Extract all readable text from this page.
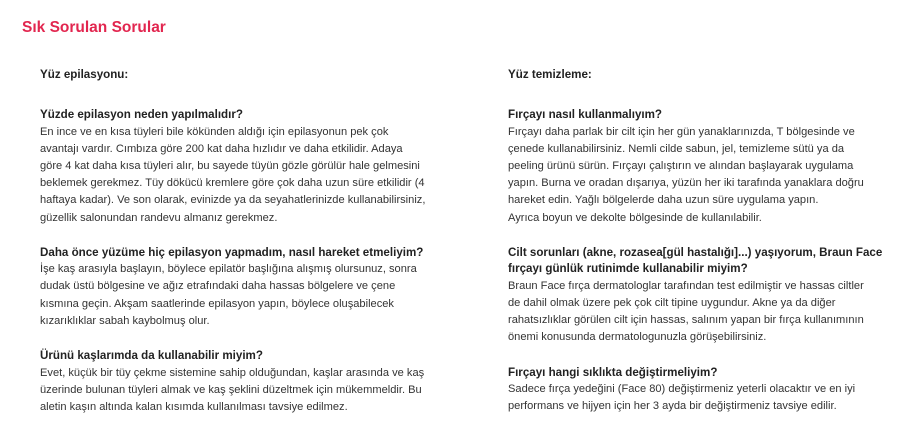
Sık Sorulan Sorular

Yüz epilasyonu:

Yüzde epilasyon neden yapılmalıdır?

En ince ve en kısa tüyleri bile kökünden aldığı için epilasyonun pek çok
avantajı vardır. Cımbıza göre 200 kat daha hızlıdır ve daha etkilidir. Adaya
göre 4 kat daha kısa tüyleri alır, bu sayede tüyün gözle görülür hale gelmesini
beklemek gerekmez. Tüy dökücü kremlere göre çok daha uzun süre etkilidir (4
haftaya kadar). Ve son olarak, evinizde ya da seyahatlerinizde kullanabilirsiniz,
güzellik salonundan randevu almanız gerekmez.

Daha önce yüzüme hiç epilasyon yapmadım, nasıl hareket etmeliyim?

İşe kaş arasıyla başlayın, böylece epilatör başlığına alışmış olursunuz, sonra
dudak üstü bölgesine ve ağız etrafındaki daha hassas bölgelere ve çene
kısmına geçin. Akşam saatlerinde epilasyon yapın, böylece oluşabilecek
kızarıklıklar sabah kaybolmuş olur.

Ürünü kaşlarımda da kullanabilir miyim?

Evet, küçük bir tüy çekme sistemine sahip olduğundan, kaşlar arasında ve kaş
üzerinde bulunan tüyleri almak ve kaş şeklini düzeltmek için mükemmeldir. Bu
aletin kaşın altında kalan kısımda kullanılması tavsiye edilmez.

Yüz temizleme:

Fırçayı nasıl kullanmalıyım?

Fırçayı daha parlak bir cilt için her gün yanaklarınızda, T bölgesinde ve
çenede kullanabilirsiniz. Nemli cilde sabun, jel, temizleme sütü ya da
peeling ürünü sürün. Fırçayı çalıştırın ve alından başlayarak uygulama
yapın. Burna ve oradan dışarıya, yüzün her iki tarafında yanaklara doğru
hareket edin. Yağlı bölgelerde daha uzun süre uygulama yapın.
Ayrıca boyun ve dekolte bölgesinde de kullanılabilir.

Cilt sorunları (akne, rozasea[gül hastalığı]...) yaşıyorum, Braun Face

fırçayı günlük rutinimde kullanabilir miyim?

Braun Face fırça dermatologlar tarafından test edilmiştir ve hassas ciltler
de dahil olmak üzere pek çok cilt tipine uygundur. Akne ya da diğer
rahatsızlıklar görülen cilt için hassas, salınım yapan bir fırça kullanımının
önemi konusunda dermatologunuzla görüşebilirsiniz.

Fırçayı hangi sıklıkta değiştirmeliyim?

Sadece fırça yedeğini (Face 80) değiştirmeniz yeterli olacaktır ve en iyi
performans ve hijyen için her 3 ayda bir değiştirmeniz tavsiye edilir.
